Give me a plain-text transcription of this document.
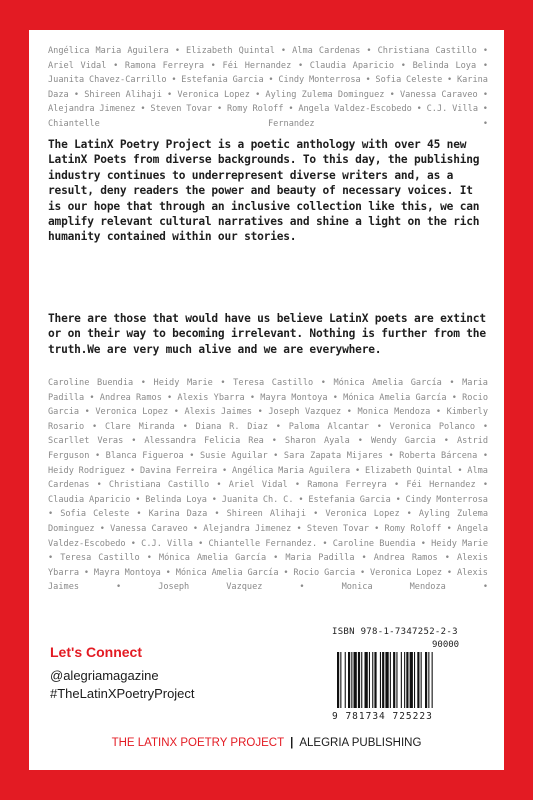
Angélica Maria Aguilera • Elizabeth Quintal • Alma Cardenas • Christiana Castillo • Ariel Vidal • Ramona Ferreyra • Féi Hernandez • Claudia Aparicio • Belinda Loya • Juanita Chavez-Carrillo • Estefania Garcia • Cindy Monterrosa • Sofia Celeste • Karina Daza • Shireen Alihaji • Veronica Lopez • Ayling Zulema Dominguez • Vanessa Caraveo • Alejandra Jimenez • Steven Tovar • Romy Roloff • Angela Valdez-Escobedo • C.J. Villa • Chiantelle Fernandez •

The LatinX Poetry Project is a poetic anthology with over 45 new LatinX Poets from diverse backgrounds. To this day, the publishing industry continues to underrepresent diverse writers and, as a result, deny readers the power and beauty of necessary voices. It is our hope that through an inclusive collection like this, we can amplify relevant cultural narratives and shine a light on the rich humanity contained within our stories.

There are those that would have us believe LatinX poets are extinct or on their way to becoming irrelevant. Nothing is further from the truth.We are very much alive and we are everywhere.

Caroline Buendia • Heidy Marie • Teresa Castillo • Mónica Amelia García • Maria Padilla • Andrea Ramos • Alexis Ybarra • Mayra Montoya • Mónica Amelia García • Rocio Garcia • Veronica Lopez • Alexis Jaimes • Joseph Vazquez • Monica Mendoza • Kimberly Rosario • Clare Miranda • Diana R. Diaz • Paloma Alcantar • Veronica Polanco • Scarllet Veras • Alessandra Felicia Rea • Sharon Ayala • Wendy Garcia • Astrid Ferguson • Blanca Figueroa • Susie Aguilar • Sara Zapata Mijares • Roberta Bárcena • Heidy Rodriguez • Davina Ferreira • Angélica Maria Aguilera • Elizabeth Quintal • Alma Cardenas • Christiana Castillo • Ariel Vidal • Ramona Ferreyra • Féi Hernandez • Claudia Aparicio • Belinda Loya • Juanita Ch. C. • Estefania Garcia • Cindy Monterrosa • Sofia Celeste • Karina Daza • Shireen Alihaji • Veronica Lopez • Ayling Zulema Dominguez • Vanessa Caraveo • Alejandra Jimenez • Steven Tovar • Romy Roloff • Angela Valdez-Escobedo • C.J. Villa • Chiantelle Fernandez. • Caroline Buendia • Heidy Marie • Teresa Castillo • Mónica Amelia García • Maria Padilla • Andrea Ramos • Alexis Ybarra • Mayra Montoya • Mónica Amelia García • Rocio Garcia • Veronica Lopez • Alexis Jaimes • Joseph Vazquez • Monica Mendoza •
Let's Connect
@alegriamagazine
#TheLatinXPoetryProject
ISBN 978-1-7347252-2-3
90000
9 781734 725223
THE LATINX POETRY PROJECT | ALEGRIA PUBLISHING
